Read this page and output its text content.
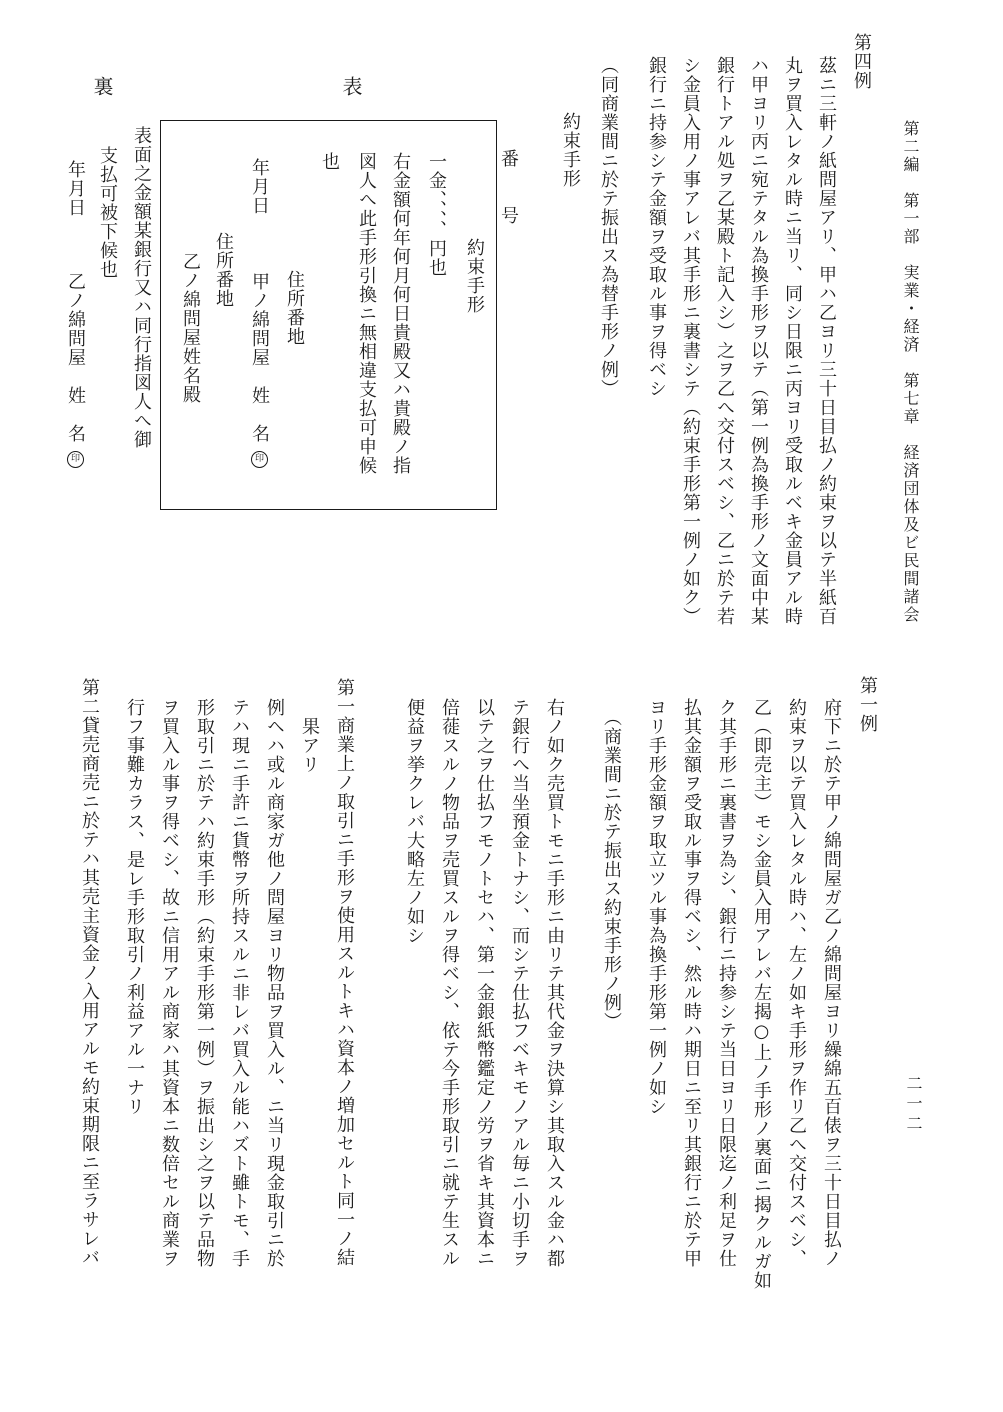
第二編　第一部　実業・経済　第七章　経済団体及ビ民間諸会
二一二
第四例
茲ニ三軒ノ紙問屋アリ、甲ハ乙ヨリ三十日目払ノ約束ヲ以テ半紙百
丸ヲ買入レタル時ニ当リ、同シ日限ニ丙ヨリ受取ルベキ金員アル時
ハ甲ヨリ丙ニ宛テタル為換手形ヲ以テ（第一例為換手形ノ文面中某
銀行トアル処ヲ乙某殿ト記入シ）之ヲ乙へ交付スベシ、乙ニ於テ若
シ金員入用ノ事アレバ其手形ニ裏書シテ（約束手形第一例ノ如ク）
銀行ニ持参シテ金額ヲ受取ル事ヲ得ベシ
（同商業間ニ於テ振出ス為替手形ノ例）
約束手形
表
裏
番　　号
約束手形
一金、、、、円也
右金額何年何月何日貴殿又ハ貴殿ノ指
図人へ此手形引換ニ無相違支払可申候
也
住所番地
年月日
甲ノ綿問屋　姓　名
印
住所番地
乙ノ綿問屋姓名殿
表面之金額某銀行又ハ同行指図人へ御
支払可被下候也
年月日
乙ノ綿問屋　姓　名
印
第一例
府下ニ於テ甲ノ綿問屋ガ乙ノ綿問屋ヨリ繰綿五百俵ヲ三十日目払ノ
約束ヲ以テ買入レタル時ハ、左ノ如キ手形ヲ作リ乙へ交付スベシ、
乙（即売主）モシ金員入用アレバ左揭○上ノ手形ノ裏面ニ揭クルガ如
ク其手形ニ裏書ヲ為シ、銀行ニ持参シテ当日ヨリ日限迄ノ利足ヲ仕
払其金額ヲ受取ル事ヲ得ベシ、然ル時ハ期日ニ至リ其銀行ニ於テ甲
ヨリ手形金額ヲ取立ツル事為換手形第一例ノ如シ
（商業間ニ於テ振出ス約束手形ノ例）
右ノ如ク売買トモニ手形ニ由リテ其代金ヲ決算シ其取入スル金ハ都
テ銀行へ当坐預金トナシ、而シテ仕払フベキモノアル毎ニ小切手ヲ
以テ之ヲ仕払フモノトセハ、第一金銀紙幣鑑定ノ労ヲ省キ其資本ニ
倍蓰スルノ物品ヲ売買スルヲ得ベシ、依テ今手形取引ニ就テ生スル
便益ヲ挙クレバ大略左ノ如シ
第一商業上ノ取引ニ手形ヲ使用スルトキハ資本ノ増加セルト同一ノ結
　果アリ
例ヘハ或ル商家ガ他ノ問屋ヨリ物品ヲ買入ル、ニ当リ現金取引ニ於
テハ現ニ手許ニ貨幣ヲ所持スルニ非レバ買入ル能ハズト雖トモ、手
形取引ニ於テハ約束手形（約束手形第一例）ヲ振出シ之ヲ以テ品物
ヲ買入ル事ヲ得ベシ、故ニ信用アル商家ハ其資本ニ数倍セル商業ヲ
行フ事難カラス、是レ手形取引ノ利益アル一ナリ
第二貸売商売ニ於テハ其売主資金ノ入用アルモ約束期限ニ至ラサレバ
